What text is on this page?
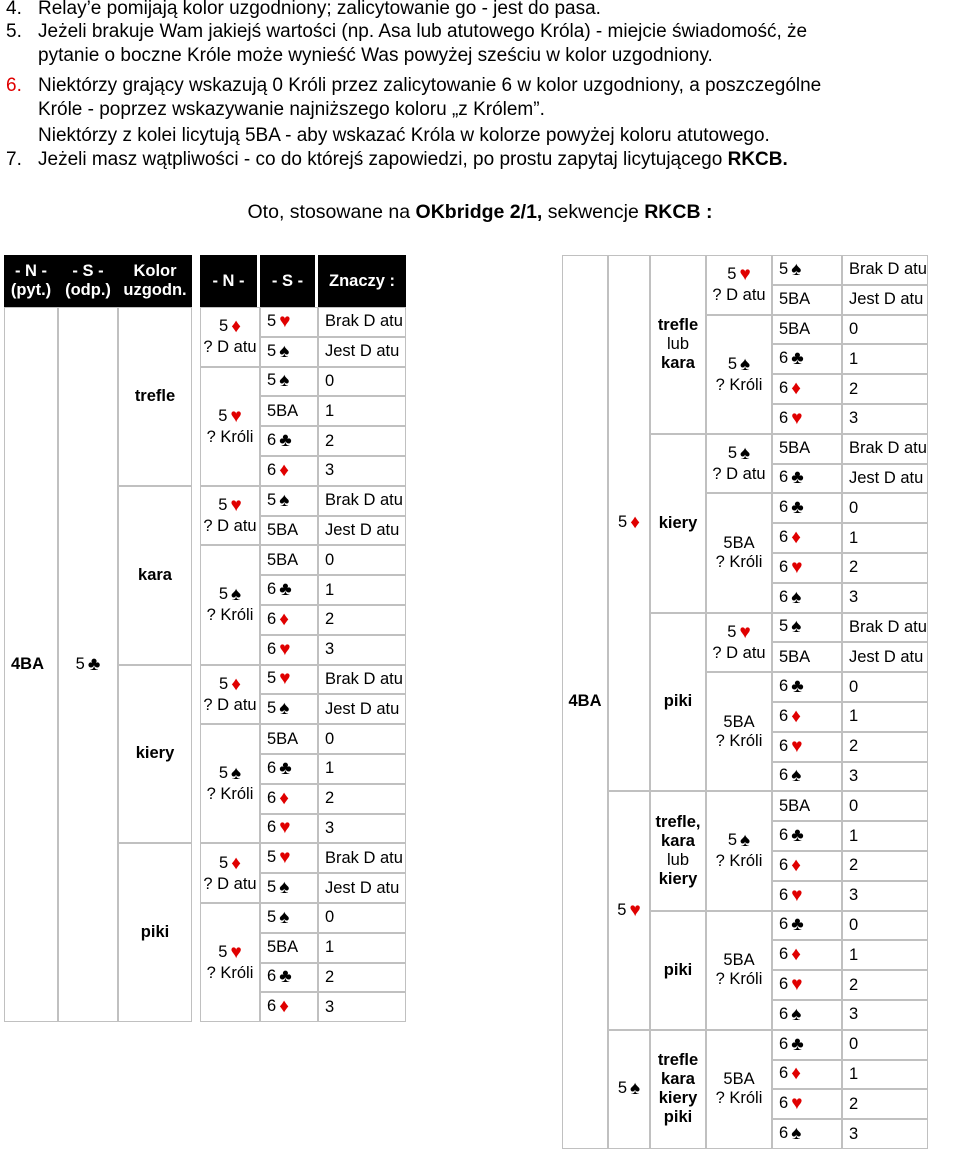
4. Relay’e pomijają kolor uzgodniony; zalicytowanie go - jest do pasa.
5. Jeżeli brakuje Wam jakiejś wartości (np. Asa lub atutowego Króla) - miejcie świadomość, że
pytanie o boczne Króle może wynieść Was powyżej sześciu w kolor uzgodniony.
6. Niektórzy grający wskazują 0 Króli przez zalicytowanie 6 w kolor uzgodniony, a poszczególne
Króle - poprzez wskazywanie najniższego koloru „z Królem”.
Niektórzy z kolei licytują 5BA - aby wskazać Króla w kolorze powyżej koloru atutowego.
7. Jeżeli masz wątpliwości - co do którejś zapowiedzi, po prostu zapytaj licytującego RKCB.
Oto, stosowane na OKbridge 2/1, sekwencje RKCB :
- N -
(pyt.)	- S -
(odp.)	Kolor
uzgodn.		- N -	- S -	Znaczy :
4BA	5 ♣	trefle		5 ♦
? D atu	5 ♥	Brak D atu
					5 ♠	Jest D atu
				5 ♥
? Króli	5 ♠	0
					5BA	1
					6 ♣	2
					6 ♦	3
		kara		5 ♥
? D atu	5 ♠	Brak D atu
					5BA	Jest D atu
				5 ♠
? Króli	5BA	0
					6 ♣	1
					6 ♦	2
					6 ♥	3
		kiery		5 ♦
? D atu	5 ♥	Brak D atu
					5 ♠	Jest D atu
				5 ♠
? Króli	5BA	0
					6 ♣	1
					6 ♦	2
					6 ♥	3
		piki		5 ♦
? D atu	5 ♥	Brak D atu
					5 ♠	Jest D atu
				5 ♥
? Króli	5 ♠	0
					5BA	1
					6 ♣	2
					6 ♦	3
4BA	5 ♦	trefle
lub
kara	5 ♥
? D atu	5 ♠	Brak D atu
				5BA	Jest D atu
			5 ♠
? Króli	5BA	0
				6 ♣	1
				6 ♦	2
				6 ♥	3
		kiery	5 ♠
? D atu	5BA	Brak D atu
				6 ♣	Jest D atu
			5BA
? Króli	6 ♣	0
				6 ♦	1
				6 ♥	2
				6 ♠	3
		piki	5 ♥
? D atu	5 ♠	Brak D atu
				5BA	Jest D atu
			5BA
? Króli	6 ♣	0
				6 ♦	1
				6 ♥	2
				6 ♠	3
	5 ♥	trefle,
kara
lub
kiery	5 ♠
? Króli	5BA	0
				6 ♣	1
				6 ♦	2
				6 ♥	3
		piki	5BA
? Króli	6 ♣	0
				6 ♦	1
				6 ♥	2
				6 ♠	3
	5 ♠	trefle
kara
kiery
piki	5BA
? Króli	6 ♣	0
				6 ♦	1
				6 ♥	2
				6 ♠	3
